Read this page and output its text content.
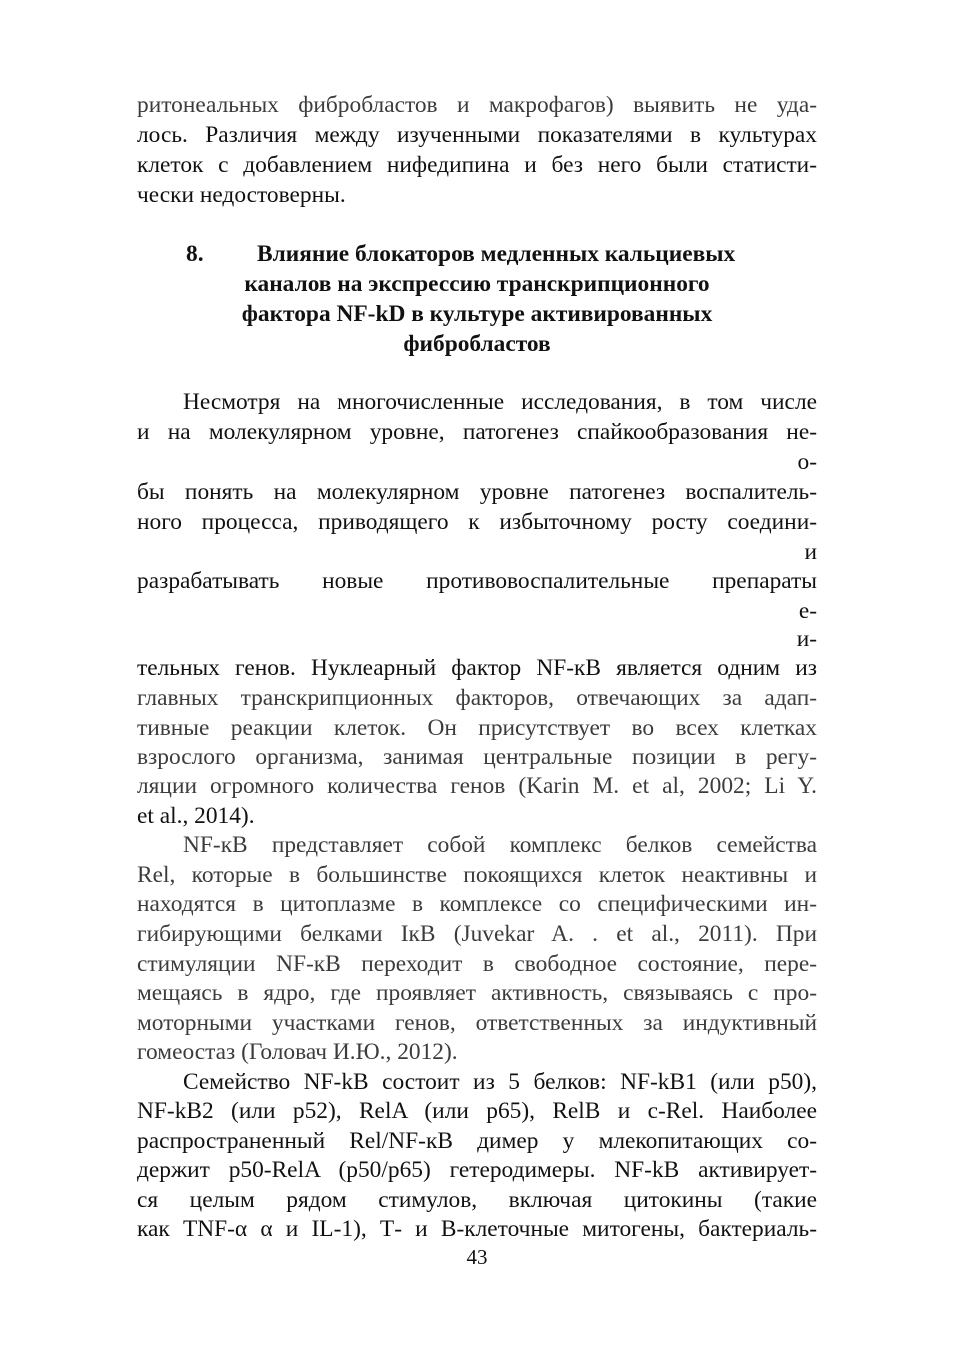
ритонеальных фибробластов и макрофагов) выявить не уда-
лось. Различия между изученными показателями в культурах
клеток с добавлением нифедипина и без него были статисти-
чески недостоверны.
8. Влияние блокаторов медленных кальциевых
каналов на экспрессию транскрипционного
фактора NF-kD в культуре активированных
фибробластов
Несмотря на многочисленные исследования, в том числе
и на молекулярном уровне, патогенез спайкообразования не-
о-
бы понять на молекулярном уровне патогенез воспалитель-
ного процесса, приводящего к избыточному росту соедини-
и
разрабатывать новые противовоспалительные препараты
е-
и-
тельных генов. Нуклеарный фактор NF-кВ является одним из
главных транскрипционных факторов, отвечающих за адап-
тивные реакции клеток. Он присутствует во всех клетках
взрослого организма, занимая центральные позиции в регу-
ляции огромного количества генов (Karin M. et al, 2002; Li Y.
et al., 2014).
NF-кВ представляет собой комплекс белков семейства
Rel, которые в большинстве покоящихся клеток неактивны и
находятся в цитоплазме в комплексе со специфическими ин-
гибирующими белками IкB (Juvekar A. . et al., 2011). При
стимуляции NF-кВ переходит в свободное состояние, пере-
мещаясь в ядро, где проявляет активность, связываясь с про-
моторными участками генов, ответственных за индуктивный
гомеостаз (Головач И.Ю., 2012).
Семейство NF-kB состоит из 5 белков: NF-kB1 (или p50),
NF-kB2 (или p52), RelA (или p65), RelB и c-Rel. Наиболее
распространенный Rel/NF-кВ димер у млекопитающих со-
держит p50-RelA (p50/p65) гетеродимеры. NF-kB активирует-
ся целым рядом стимулов, включая цитокины (такие
как TNF-α α и IL-1), Т- и В-клеточные митогены, бактериаль-
43
